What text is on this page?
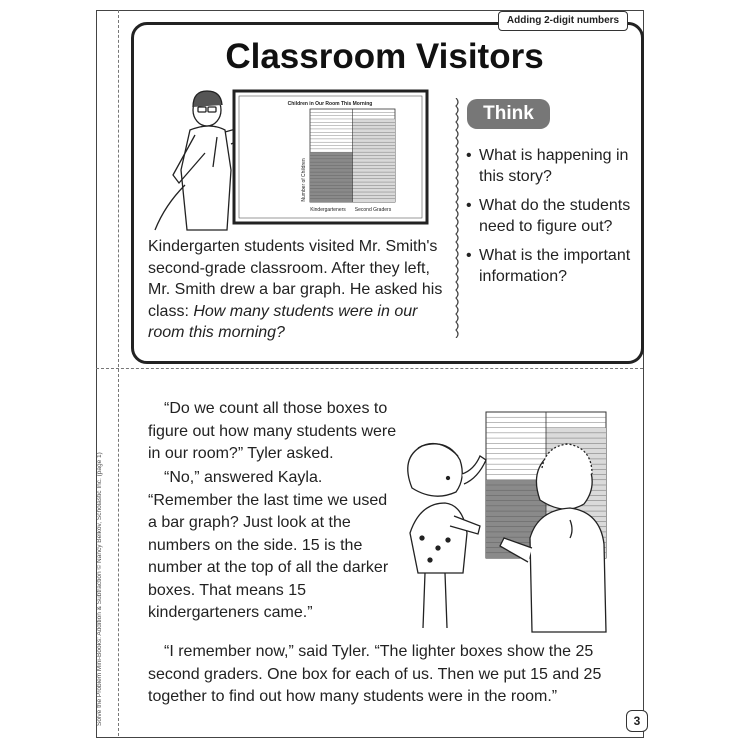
Solve the Problem Mini-Books: Addition & Subtraction © Nancy Belkov, Scholastic Inc. (page 1)
Adding 2-digit numbers
Classroom Visitors
Children in Our Room This Morning
Number of Children
Kindergarteners Second Graders
Kindergarten students visited Mr. Smith's second-grade classroom. After they left, Mr. Smith drew a bar graph. He asked his class: How many students were in our room this morning?
Think
• What is happening in this story?
• What do the students need to figure out?
• What is the important information?
“Do we count all those boxes to figure out how many students were in our room?” Tyler asked.
“No,” answered Kayla. “Remember the last time we used a bar graph? Just look at the numbers on the side. 15 is the number at the top of all the darker boxes. That means 15 kindergarteners came.”
“I remember now,” said Tyler. “The lighter boxes show the 25 second graders. One box for each of us. Then we put 15 and 25 together to find out how many students were in the room.”
3
